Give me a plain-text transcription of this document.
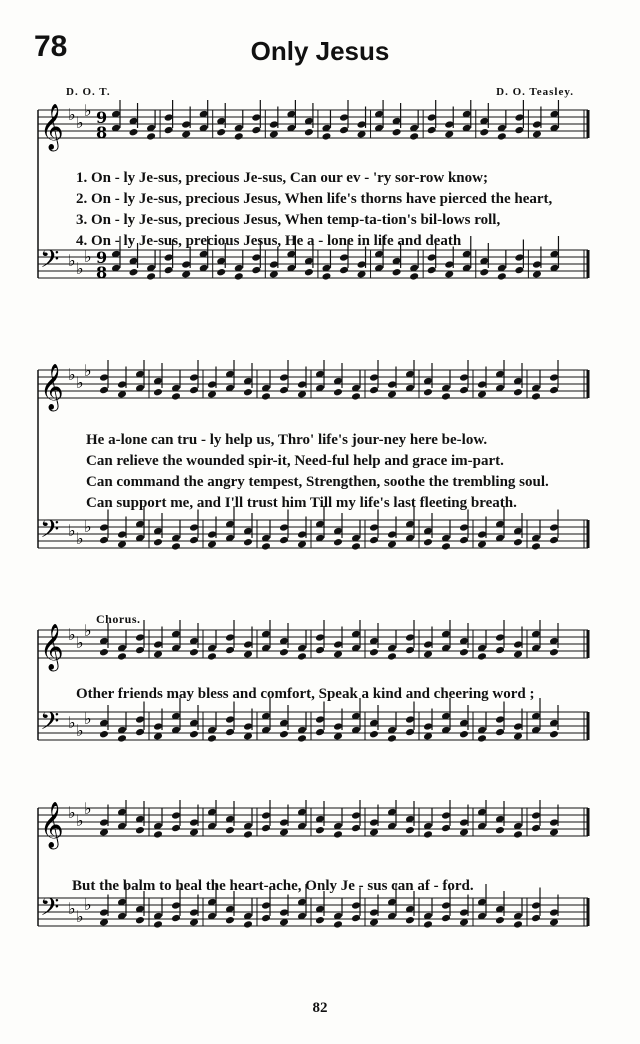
78	Only Jesus
D. O. T.	D. O. Teasley.
𝄞 ♭ ♭
♭ 9
8
𝄢 ♭ ♭
♭ 9
8
1. On - ly Je-sus, precious Je-sus, Can our ev - 'ry sor-row know;
2. On - ly Je-sus, precious Jesus, When life's thorns have pierced the heart,
3. On - ly Je-sus, precious Jesus, When temp-ta-tion's bil-lows roll,
4. On - ly Je-sus, precious Jesus, He a - lone in life and death
𝄞 ♭ ♭
♭
𝄢 ♭ ♭
♭
He a-lone can tru - ly help us, Thro' life's jour-ney here be-low.
Can relieve the wounded spir-it, Need-ful help and grace im-part.
Can command the angry tempest, Strengthen, soothe the trembling soul.
Can support me, and I'll trust him Till my life's last fleeting breath.
Chorus.
𝄞 ♭ ♭
♭
𝄢 ♭ ♭
♭
Other friends may bless and comfort, Speak a kind and cheering word ;
𝄞 ♭ ♭
♭
𝄢 ♭ ♭
♭
But the balm to heal the heart-ache, Only Je - sus can af - ford.
82
